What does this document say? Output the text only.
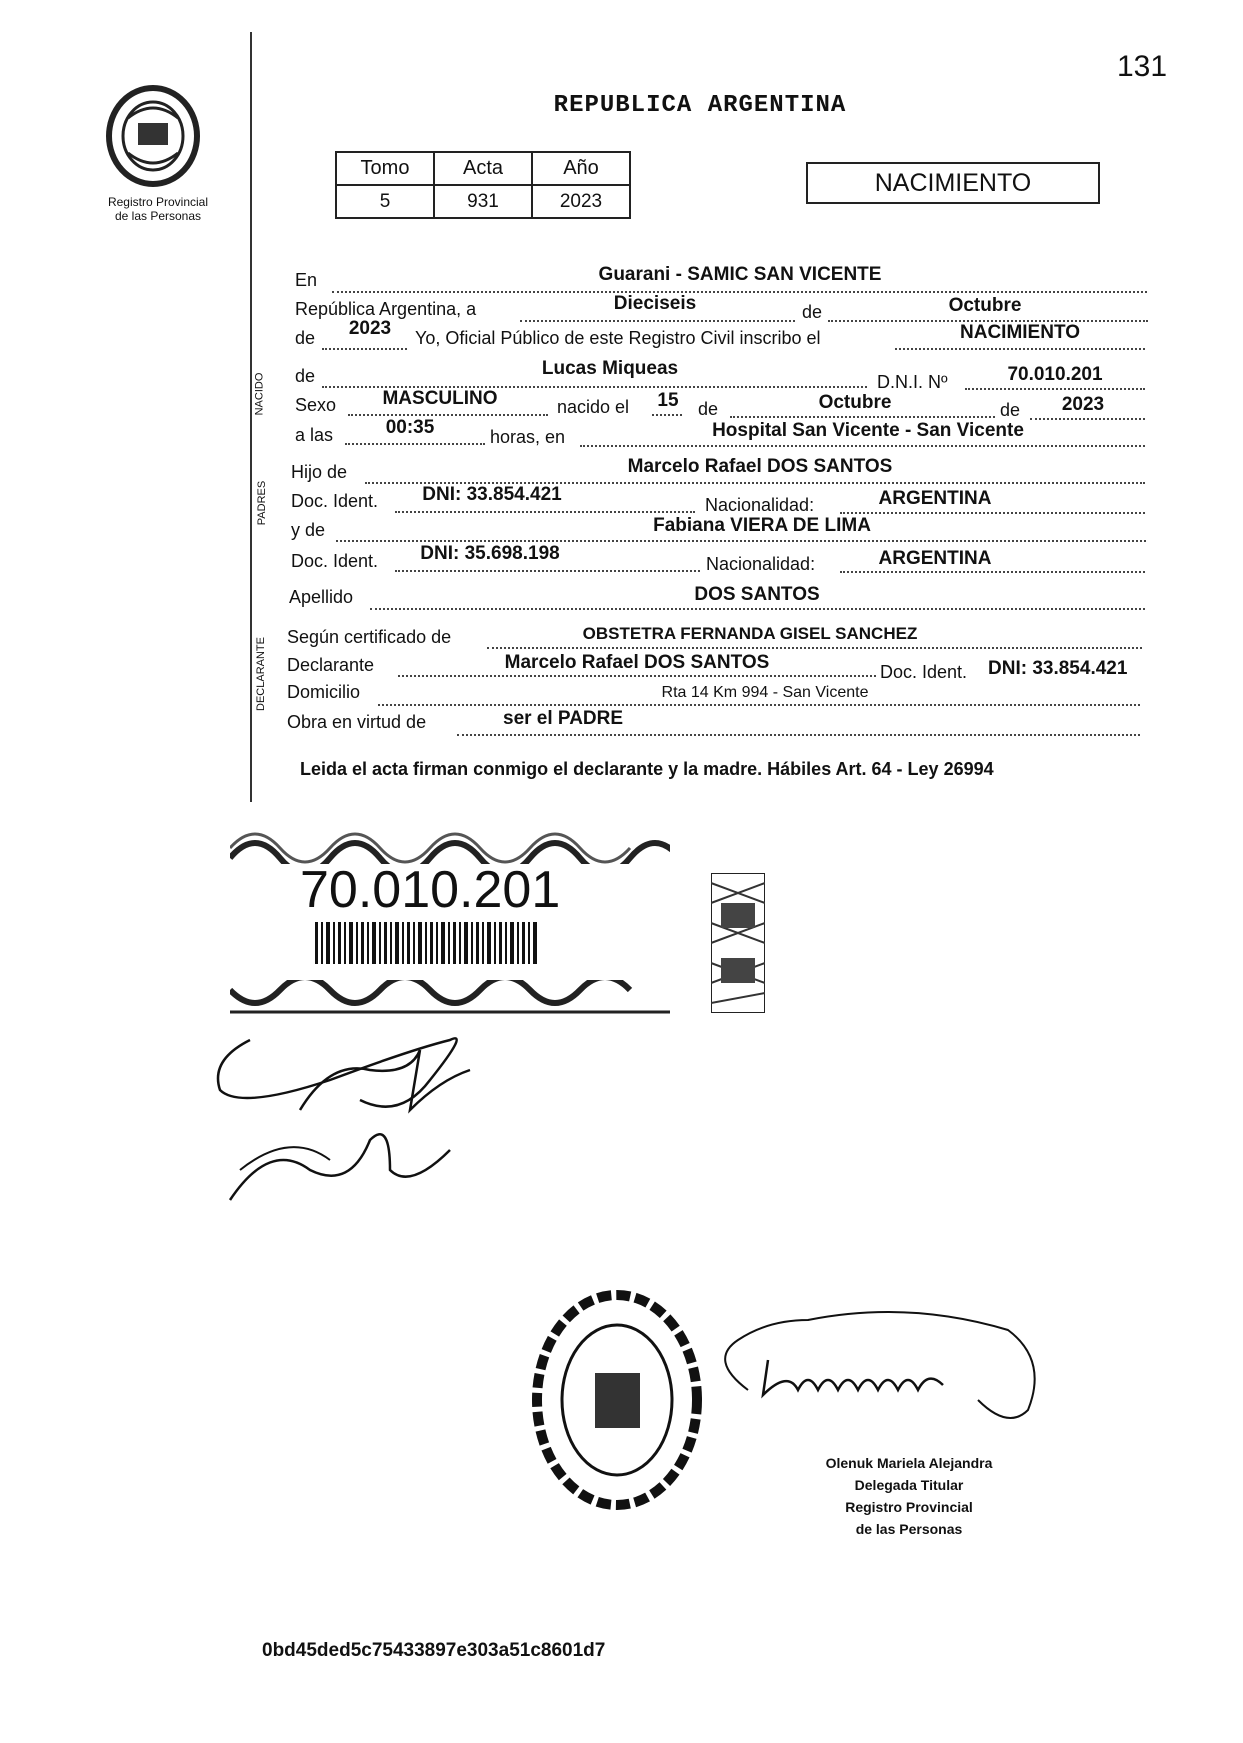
131
Registro Provincial
de las Personas
REPUBLICA ARGENTINA
Tomo	Acta	Año
5	931	2023
NACIMIENTO
NACIDO
PADRES
DECLARANTE
En	Guarani - SAMIC SAN VICENTE
República Argentina, a	Dieciseis	de	Octubre
de 2023 Yo, Oficial Público de este Registro Civil inscribo el	NACIMIENTO
de	Lucas Miqueas
D.N.I. Nº	70.010.201
Sexo MASCULINO	nacido el 15 de	Octubre	de 2023
a las	00:35	horas, en	Hospital San Vicente - San Vicente
Hijo de	Marcelo Rafael DOS SANTOS
Doc. Ident. DNI: 33.854.421	Nacionalidad:	ARGENTINA
y de	Fabiana VIERA DE LIMA
Doc. Ident. DNI: 35.698.198	Nacionalidad:	ARGENTINA
Apellido	DOS SANTOS
Según certificado de	OBSTETRA FERNANDA GISEL SANCHEZ
Declarante	Marcelo Rafael DOS SANTOS	Doc. Ident. DNI: 33.854.421
Domicilio	Rta 14 Km 994 - San Vicente
Obra en virtud de	ser el PADRE
Leida el acta firman conmigo el declarante y la madre. Hábiles Art. 64 - Ley 26994
70.010.201
Olenuk Mariela Alejandra
Delegada Titular
Registro Provincial
de las Personas
0bd45ded5c75433897e303a51c8601d7
